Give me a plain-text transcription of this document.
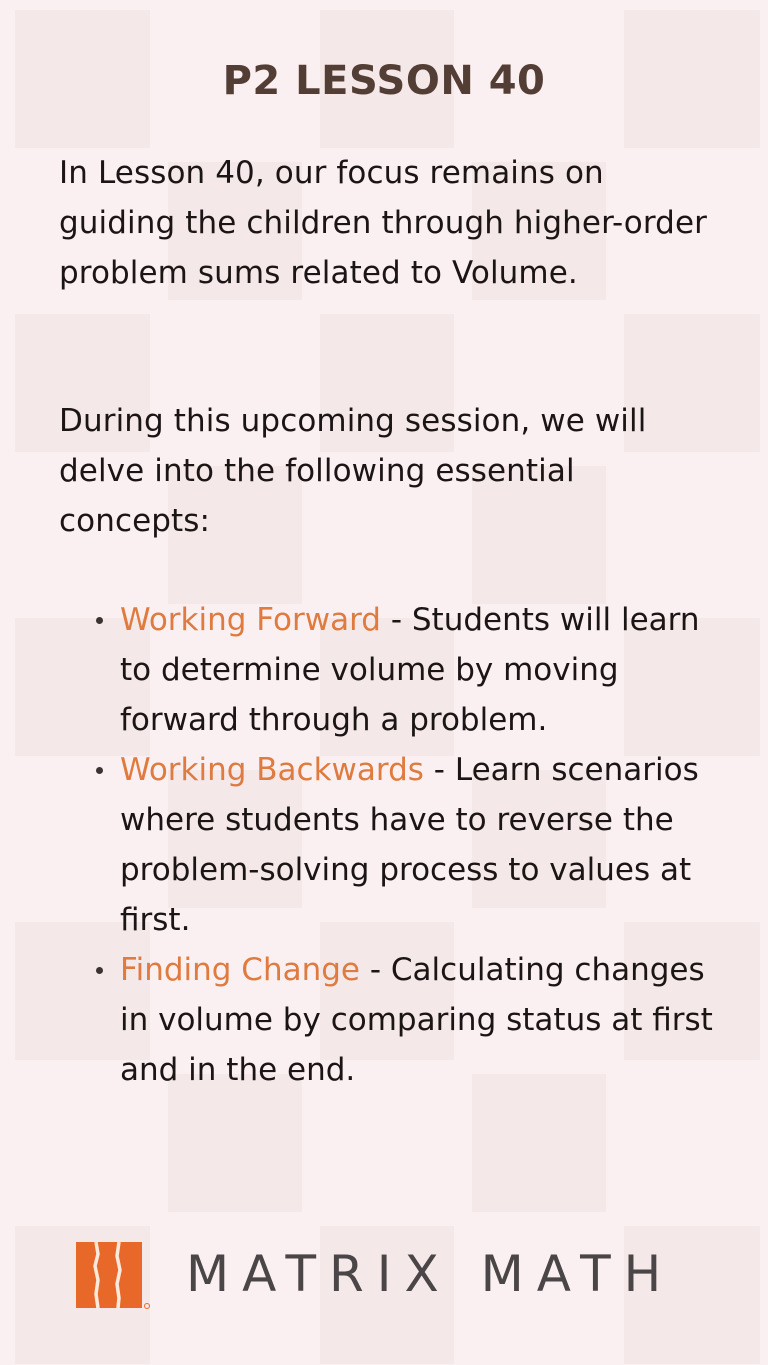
P2 LESSON 40

In Lesson 40, our focus remains on guiding the children through higher-order problem sums related to Volume.

During this upcoming session, we will delve into the following essential concepts:

Working Forward - Students will learn to determine volume by moving forward through a problem.
Working Backwards - Learn scenarios where students have to reverse the problem-solving process to values at first.
Finding Change - Calculating changes in volume by comparing status at first and in the end.
MATRIX MATH
